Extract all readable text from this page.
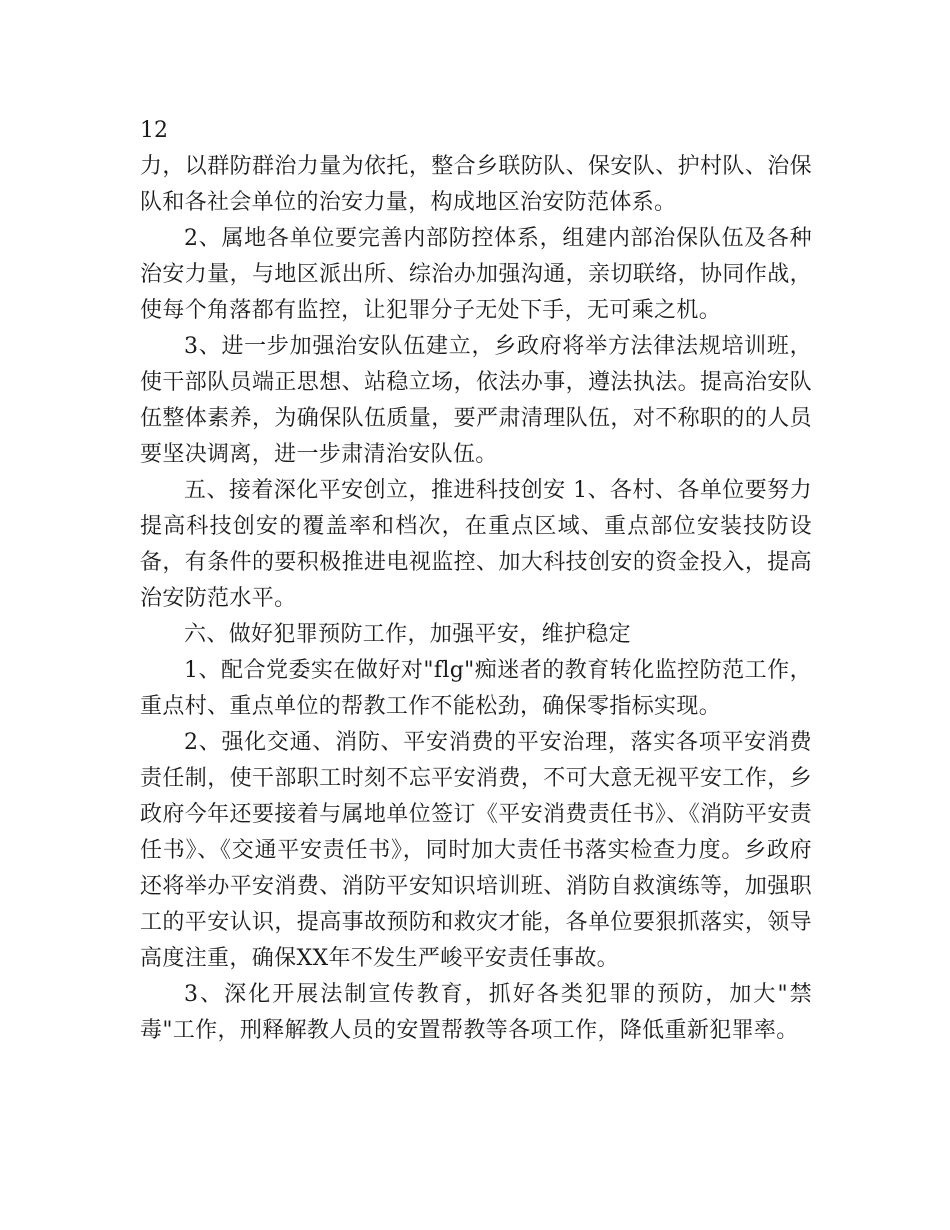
12

力，以群防群治力量为依托，整合乡联防队、保安队、护村队、治保队和各社会单位的治安力量，构成地区治安防范体系。

2、属地各单位要完善内部防控体系，组建内部治保队伍及各种治安力量，与地区派出所、综治办加强沟通，亲切联络，协同作战，使每个角落都有监控，让犯罪分子无处下手，无可乘之机。

3、进一步加强治安队伍建立，乡政府将举方法律法规培训班，使干部队员端正思想、站稳立场，依法办事，遵法执法。提高治安队伍整体素养，为确保队伍质量，要严肃清理队伍，对不称职的的人员要坚决调离，进一步肃清治安队伍。

五、接着深化平安创立，推进科技创安 1、各村、各单位要努力提高科技创安的覆盖率和档次，在重点区域、重点部位安装技防设备，有条件的要积极推进电视监控、加大科技创安的资金投入，提高治安防范水平。

六、做好犯罪预防工作，加强平安，维护稳定

1、配合党委实在做好对"flg"痴迷者的教育转化监控防范工作，重点村、重点单位的帮教工作不能松劲，确保零指标实现。

2、强化交通、消防、平安消费的平安治理，落实各项平安消费责任制，使干部职工时刻不忘平安消费，不可大意无视平安工作，乡政府今年还要接着与属地单位签订《平安消费责任书》、《消防平安责任书》、《交通平安责任书》，同时加大责任书落实检查力度。乡政府还将举办平安消费、消防平安知识培训班、消防自救演练等，加强职工的平安认识，提高事故预防和救灾才能，各单位要狠抓落实，领导高度注重，确保XX年不发生严峻平安责任事故。

3、深化开展法制宣传教育，抓好各类犯罪的预防，加大"禁毒"工作，刑释解教人员的安置帮教等各项工作，降低重新犯罪率。
